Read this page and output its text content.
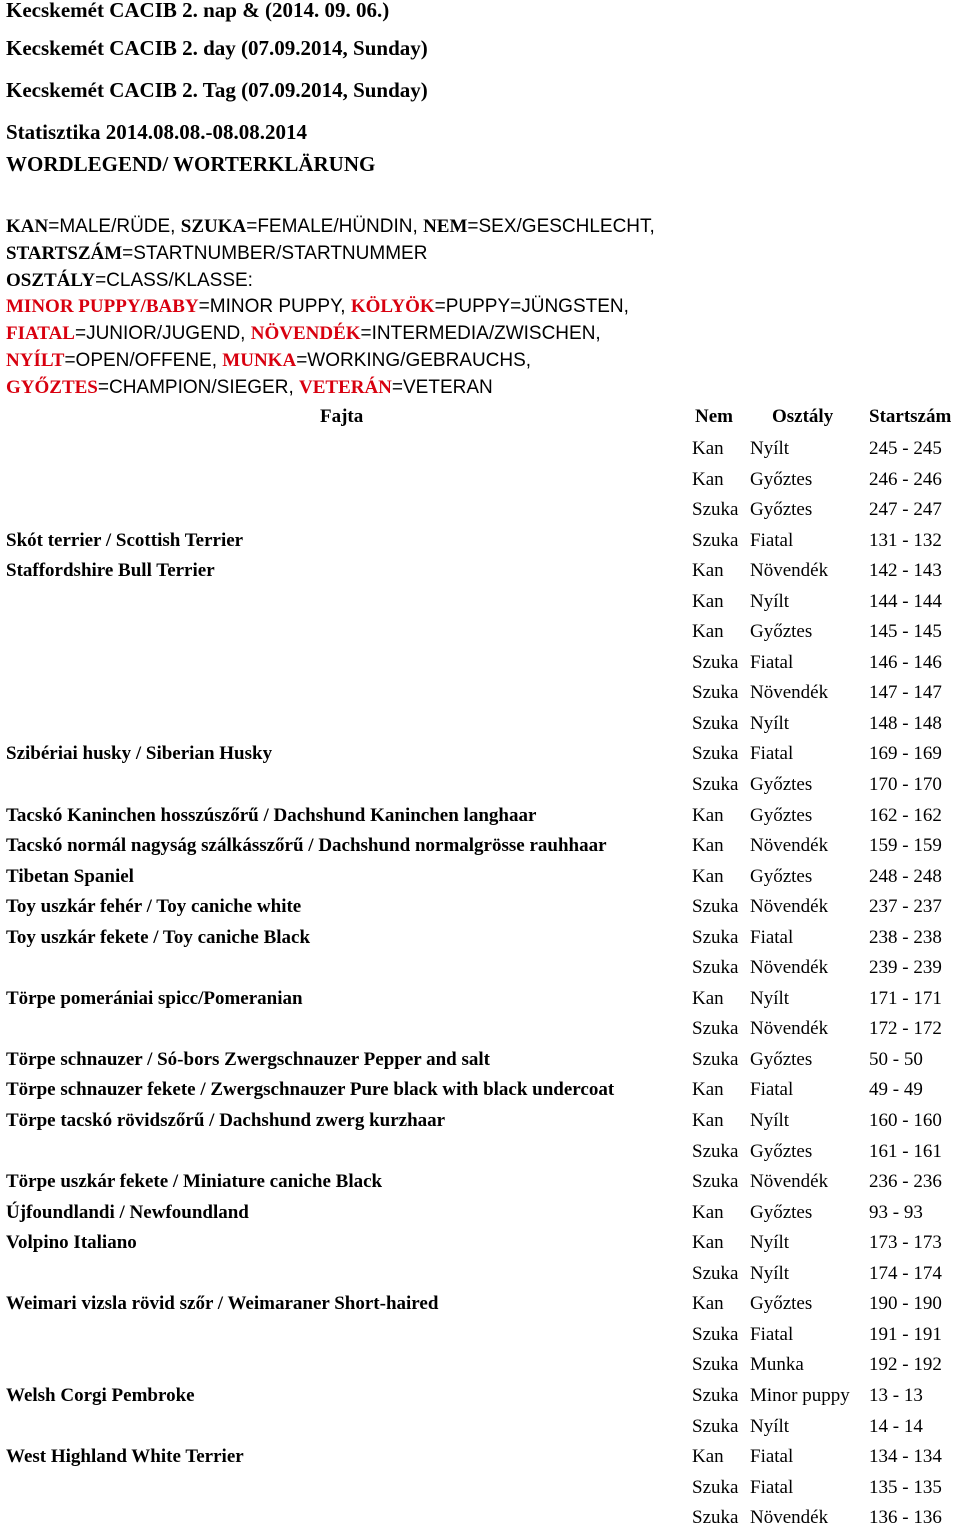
Kecskemét CACIB 2. nap & (2014. 09. 06.)
Kecskemét CACIB 2. day (07.09.2014, Sunday)
Kecskemét CACIB 2. Tag (07.09.2014, Sunday)
Statisztika 2014.08.08.-08.08.2014
WORDLEGEND/ WORTERKLÄRUNG
KAN=MALE/RÜDE, SZUKA=FEMALE/HÜNDIN, NEM=SEX/GESCHLECHT,
STARTSZÁM=STARTNUMBER/STARTNUMMER
OSZTÁLY=CLASS/KLASSE:
MINOR PUPPY/BABY=MINOR PUPPY, KÖLYÖK=PUPPY=JÜNGSTEN,
FIATAL=JUNIOR/JUGEND, NÖVENDÉK=INTERMEDIA/ZWISCHEN,
NYÍLT=OPEN/OFFENE, MUNKA=WORKING/GEBRAUCHS,
GYŐZTES=CHAMPION/SIEGER, VETERÁN=VETERAN
Fajta	Nem Osztály Startszám
Kan Nyílt	245 - 245
Kan Győztes	246 - 246
Szuka Győztes	247 - 247
Skót terrier / Scottish Terrier	Szuka Fiatal	131 - 132
Staffordshire Bull Terrier	Kan Növendék 142 - 143
Kan Nyílt	144 - 144
Kan Győztes	145 - 145
Szuka Fiatal	146 - 146
Szuka Növendék 147 - 147
Szuka Nyílt	148 - 148
Szibériai husky / Siberian Husky	Szuka Fiatal	169 - 169
Szuka Győztes	170 - 170
Tacskó Kaninchen hosszúszőrű / Dachshund Kaninchen langhaar	Kan Győztes	162 - 162
Tacskó normál nagyság szálkásszőrű / Dachshund normalgrösse rauhhaar	Kan Növendék 159 - 159
Tibetan Spaniel	Kan Győztes	248 - 248
Toy uszkár fehér / Toy caniche white	Szuka Növendék 237 - 237
Toy uszkár fekete / Toy caniche Black	Szuka Fiatal	238 - 238
Szuka Növendék 239 - 239
Törpe pomerániai spicc/Pomeranian	Kan Nyílt	171 - 171
Szuka Növendék 172 - 172
Törpe schnauzer / Só-bors Zwergschnauzer Pepper and salt	Szuka Győztes	50 - 50
Törpe schnauzer fekete / Zwergschnauzer Pure black with black undercoat	Kan Fiatal	49 - 49
Törpe tacskó rövidszőrű / Dachshund zwerg kurzhaar	Kan Nyílt	160 - 160
Szuka Győztes	161 - 161
Törpe uszkár fekete / Miniature caniche Black	Szuka Növendék 236 - 236
Újfoundlandi / Newfoundland	Kan Győztes	93 - 93
Volpino Italiano	Kan Nyílt	173 - 173
Szuka Nyílt	174 - 174
Weimari vizsla rövid szőr / Weimaraner Short-haired	Kan Győztes	190 - 190
Szuka Fiatal	191 - 191
Szuka Munka	192 - 192
Welsh Corgi Pembroke	Szuka Minor puppy 13 - 13
Szuka Nyílt	14 - 14
West Highland White Terrier	Kan Fiatal	134 - 134
Szuka Fiatal	135 - 135
Szuka Növendék 136 - 136
